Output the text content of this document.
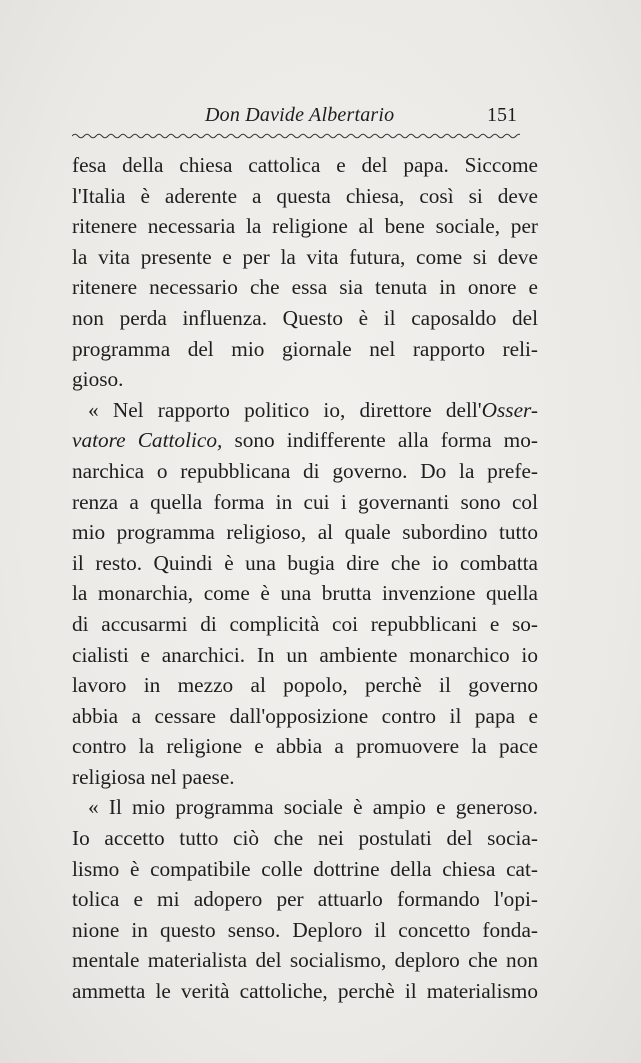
Don Davide Albertario	151
fesa della chiesa cattolica e del papa. Siccome
l'Italia è aderente a questa chiesa, così si deve
ritenere necessaria la religione al bene sociale, per
la vita presente e per la vita futura, come si deve
ritenere necessario che essa sia tenuta in onore e
non perda influenza. Questo è il caposaldo del
programma del mio giornale nel rapporto reli-
gioso.
« Nel rapporto politico io, direttore dell'Osser-
vatore Cattolico, sono indifferente alla forma mo-
narchica o repubblicana di governo. Do la prefe-
renza a quella forma in cui i governanti sono col
mio programma religioso, al quale subordino tutto
il resto. Quindi è una bugia dire che io combatta
la monarchia, come è una brutta invenzione quella
di accusarmi di complicità coi repubblicani e so-
cialisti e anarchici. In un ambiente monarchico io
lavoro in mezzo al popolo, perchè il governo
abbia a cessare dall'opposizione contro il papa e
contro la religione e abbia a promuovere la pace
religiosa nel paese.
« Il mio programma sociale è ampio e generoso.
Io accetto tutto ciò che nei postulati del socia-
lismo è compatibile colle dottrine della chiesa cat-
tolica e mi adopero per attuarlo formando l'opi-
nione in questo senso. Deploro il concetto fonda-
mentale materialista del socialismo, deploro che non
ammetta le verità cattoliche, perchè il materialismo
